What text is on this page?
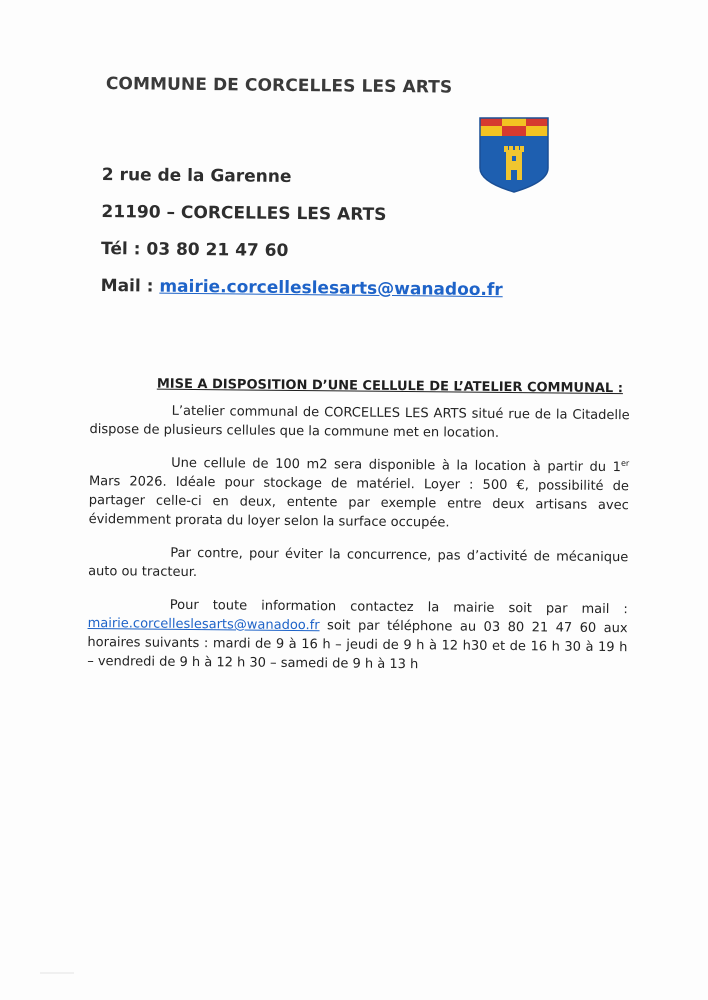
COMMUNE DE CORCELLES LES ARTS
2 rue de la Garenne
21190 – CORCELLES LES ARTS
Tél : 03 80 21 47 60
Mail : mairie.corcelleslesarts@wanadoo.fr
MISE A DISPOSITION D’UNE CELLULE DE L’ATELIER COMMUNAL :

L’atelier communal de CORCELLES LES ARTS situé rue de la Citadelle dispose de plusieurs cellules que la commune met en location.

Une cellule de 100 m2 sera disponible à la location à partir du 1er Mars 2026. Idéale pour stockage de matériel. Loyer : 500 €, possibilité de partager celle-ci en deux, entente par exemple entre deux artisans avec évidemment prorata du loyer selon la surface occupée.

Par contre, pour éviter la concurrence, pas d’activité de mécanique auto ou tracteur.

Pour toute information contactez la mairie soit par mail : mairie.corcelleslesarts@wanadoo.fr soit par téléphone au 03 80 21 47 60 aux horaires suivants : mardi de 9 à 16 h – jeudi de 9 h à 12 h30 et de 16 h 30 à 19 h – vendredi de 9 h à 12 h 30 – samedi de 9 h à 13 h
